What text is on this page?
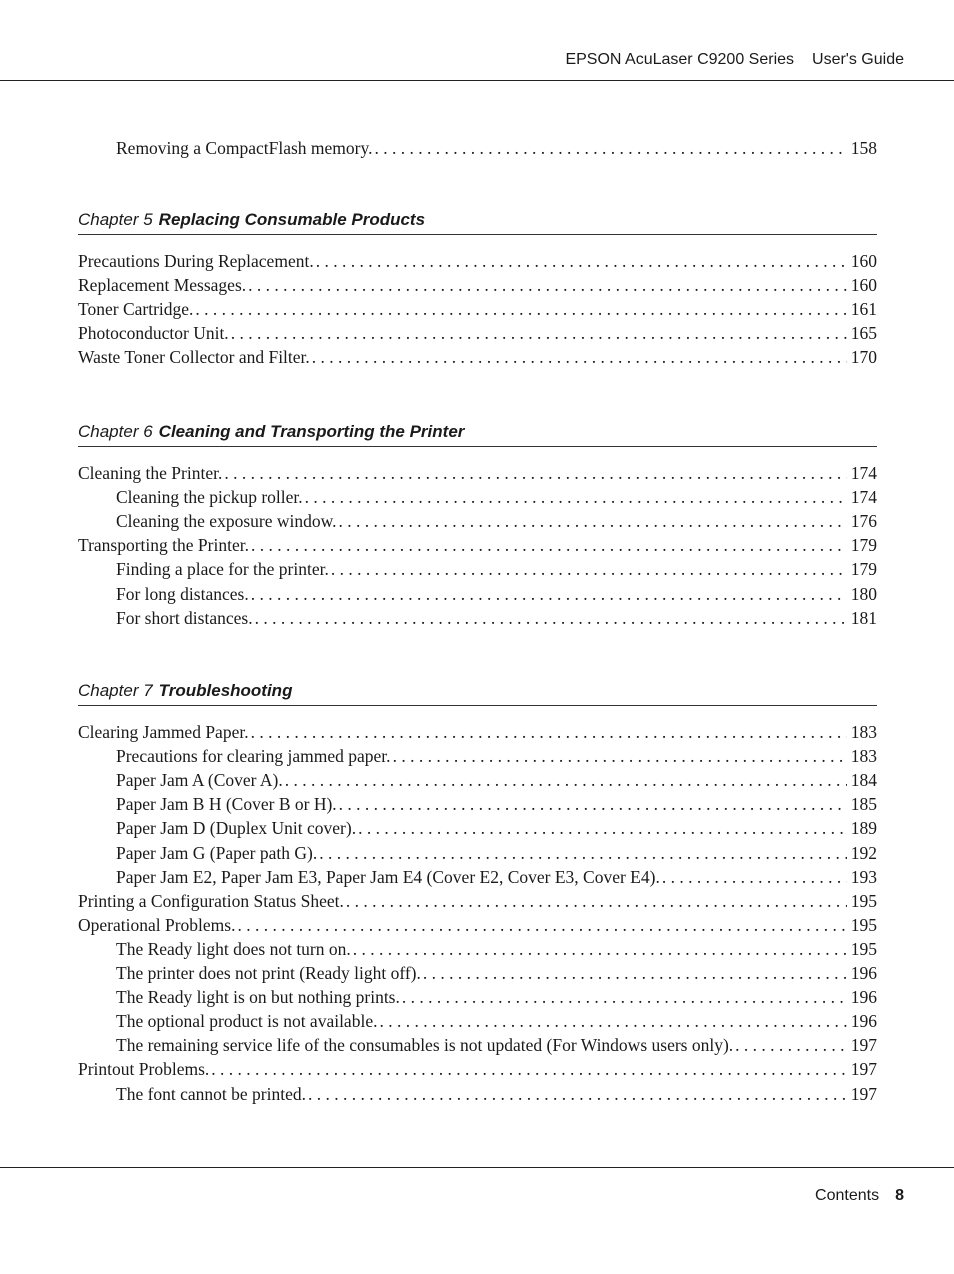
EPSON AcuLaser C9200 Series User's Guide
Removing a CompactFlash memory. . . .	158
Chapter 5 Replacing Consumable Products
Chapter 6 Cleaning and Transporting the Printer
Chapter 7 Troubleshooting
Contents 8
Precautions During Replacement. . . .	160
Replacement Messages. . . .	160
Toner Cartridge. . . .	161
Photoconductor Unit. . . .	165
Waste Toner Collector and Filter. . . .	170
Cleaning the Printer. . . .	174
Cleaning the pickup roller. . . .	174
Cleaning the exposure window. . . .	176
Transporting the Printer. . . .	179
Finding a place for the printer. . . .	179
For long distances. . . .	180
For short distances. . . .	181
Clearing Jammed Paper. . . .	183
Precautions for clearing jammed paper. . . .	183
Paper Jam A (Cover A). . . .	184
Paper Jam B H (Cover B or H). . . .	185
Paper Jam D (Duplex Unit cover). . . .	189
Paper Jam G (Paper path G). . . .	192
Paper Jam E2, Paper Jam E3, Paper Jam E4 (Cover E2, Cover E3, Cover E4). . . .	193
Printing a Configuration Status Sheet. . . .	195
Operational Problems. . . .	195
The Ready light does not turn on. . . .	195
The printer does not print (Ready light off). . . .	196
The Ready light is on but nothing prints. . . .	196
The optional product is not available. . . .	196
The remaining service life of the consumables is not updated (For Windows users only). . . .	197
Printout Problems. . . .	197
The font cannot be printed. . . .	197
